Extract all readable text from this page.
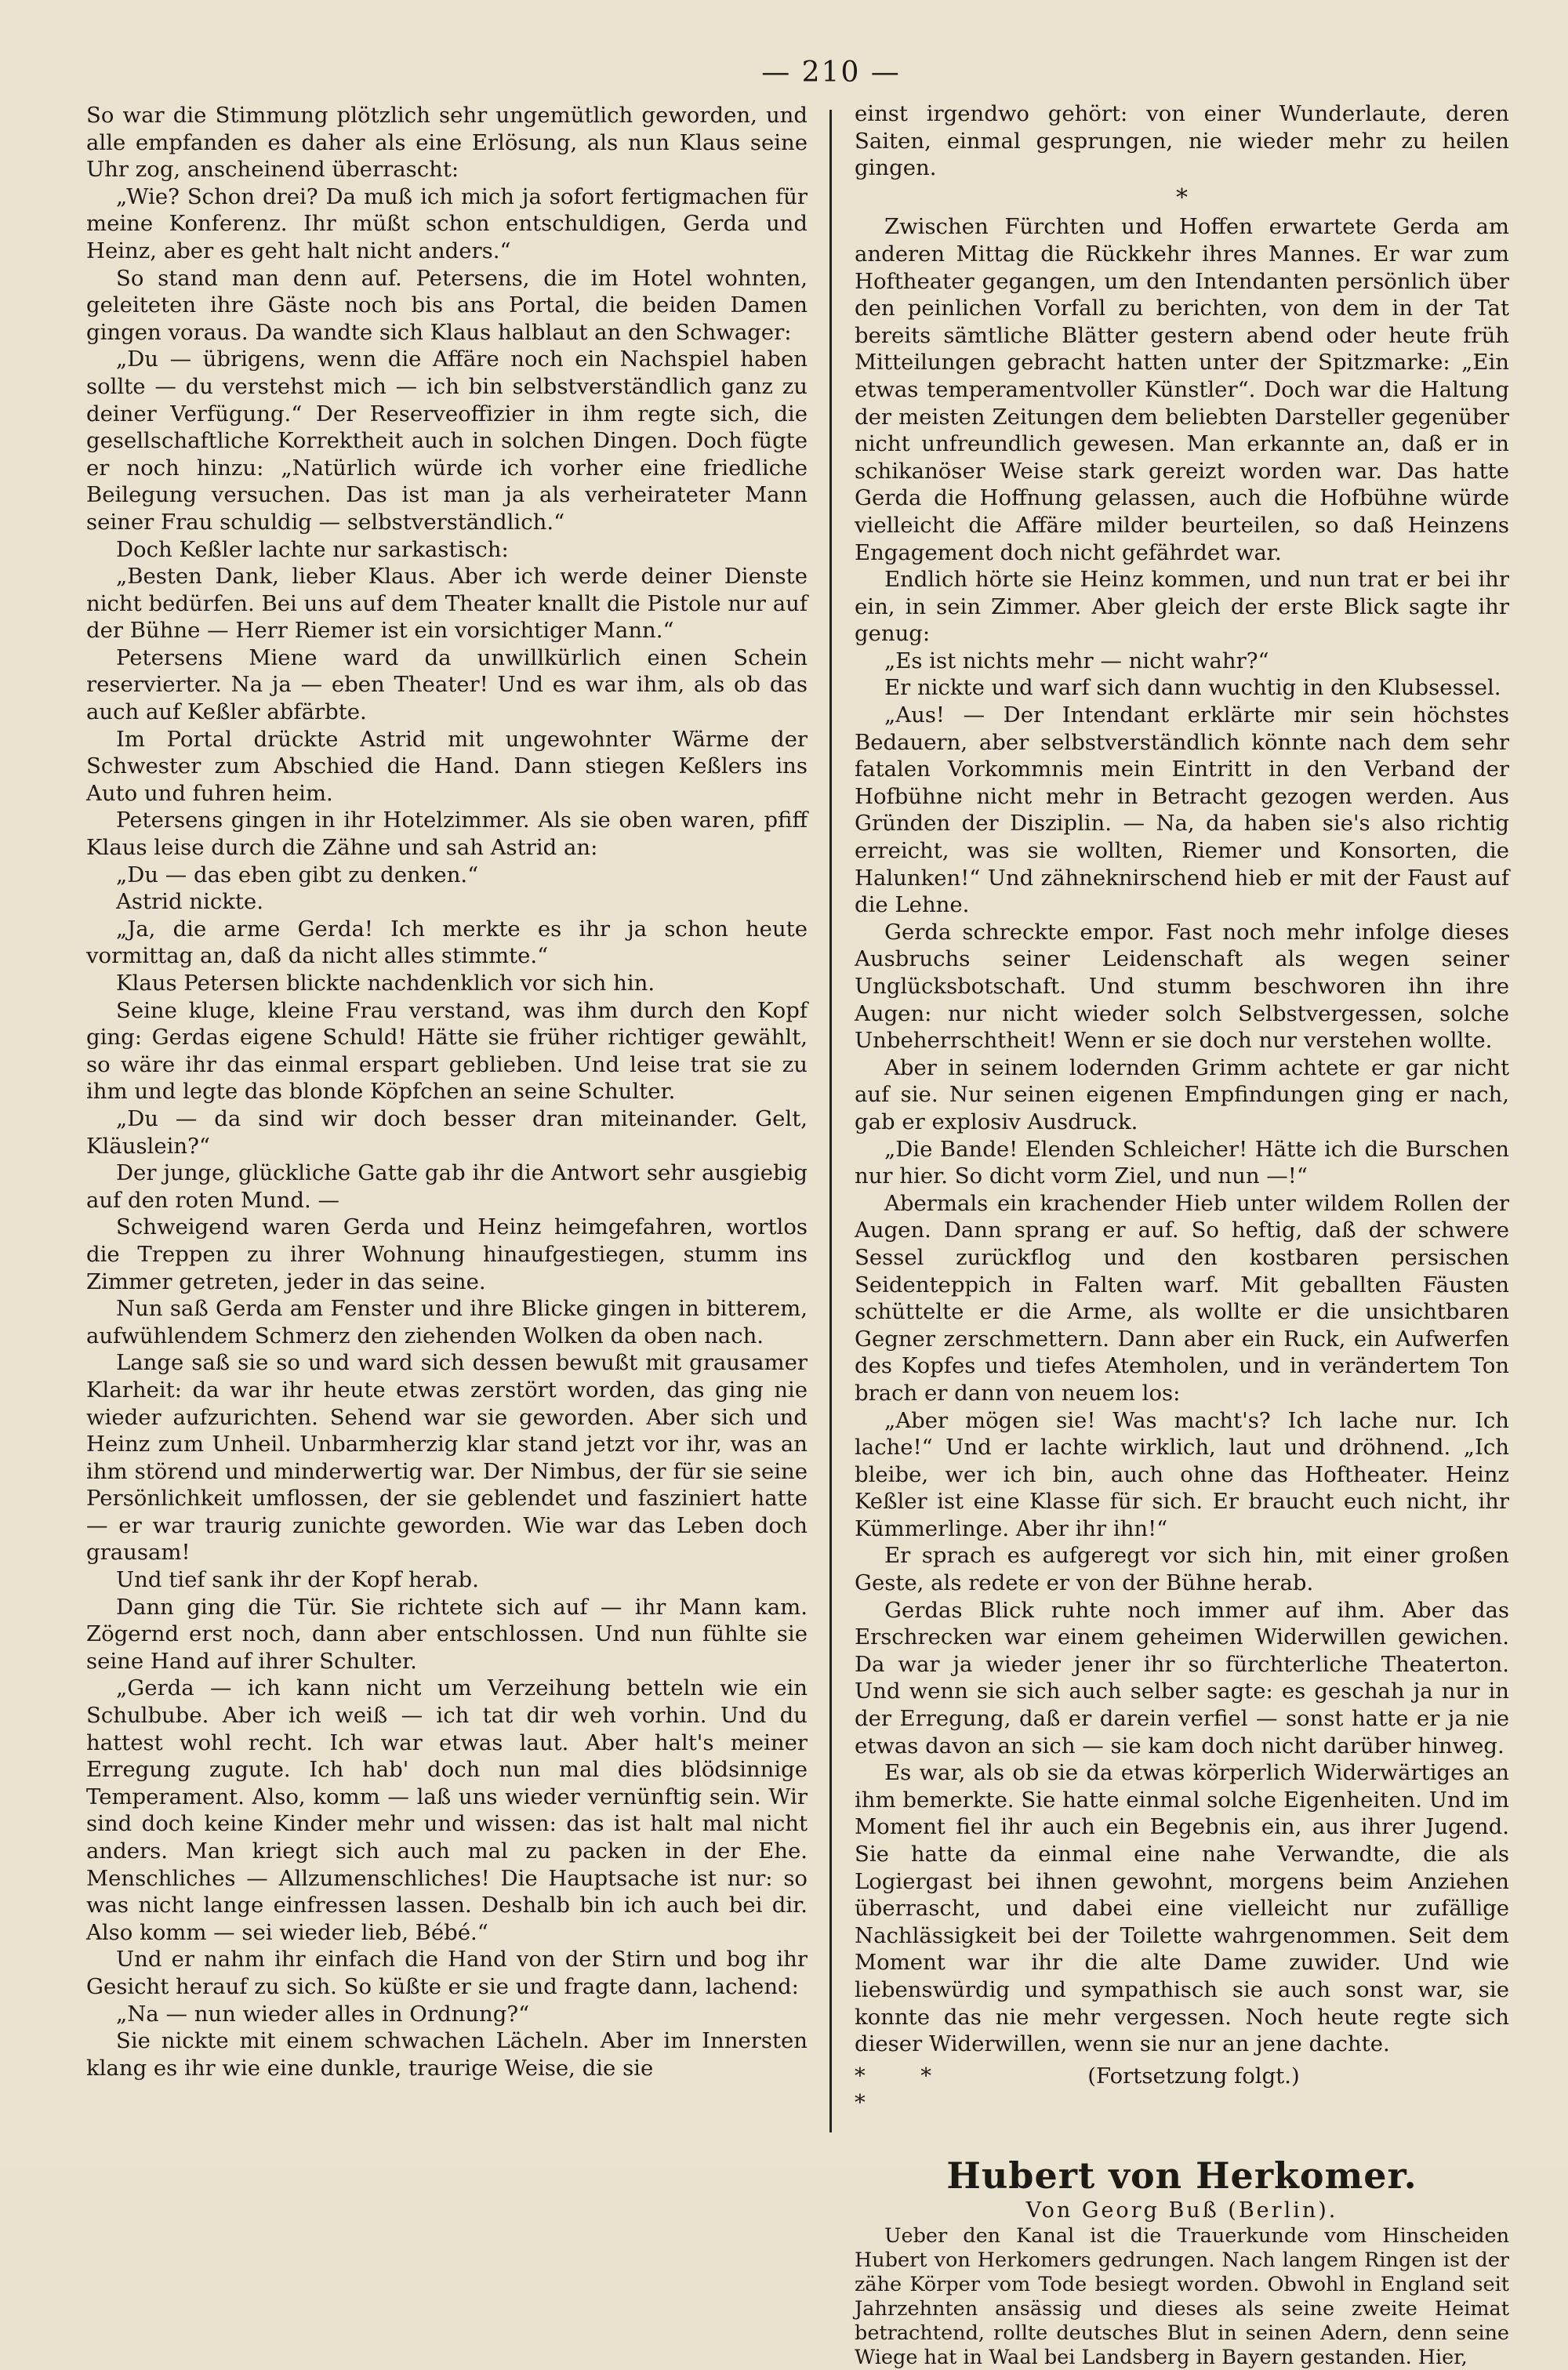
— 210 —

So war die Stimmung plötzlich sehr ungemütlich geworden, und alle empfanden es daher als eine Erlösung, als nun Klaus seine Uhr zog, anscheinend überrascht:

„Wie? Schon drei? Da muß ich mich ja sofort fertigmachen für meine Konferenz. Ihr müßt schon entschuldigen, Gerda und Heinz, aber es geht halt nicht anders.“

So stand man denn auf. Petersens, die im Hotel wohnten, geleiteten ihre Gäste noch bis ans Portal, die beiden Damen gingen voraus. Da wandte sich Klaus halblaut an den Schwager:

„Du — übrigens, wenn die Affäre noch ein Nachspiel haben sollte — du verstehst mich — ich bin selbstverständlich ganz zu deiner Verfügung.“ Der Reserveoffizier in ihm regte sich, die gesellschaftliche Korrektheit auch in solchen Dingen. Doch fügte er noch hinzu: „Natürlich würde ich vorher eine friedliche Beilegung versuchen. Das ist man ja als verheirateter Mann seiner Frau schuldig — selbstverständlich.“

Doch Keßler lachte nur sarkastisch:

„Besten Dank, lieber Klaus. Aber ich werde deiner Dienste nicht bedürfen. Bei uns auf dem Theater knallt die Pistole nur auf der Bühne — Herr Riemer ist ein vorsichtiger Mann.“

Petersens Miene ward da unwillkürlich einen Schein reservierter. Na ja — eben Theater! Und es war ihm, als ob das auch auf Keßler abfärbte.

Im Portal drückte Astrid mit ungewohnter Wärme der Schwester zum Abschied die Hand. Dann stiegen Keßlers ins Auto und fuhren heim.

Petersens gingen in ihr Hotelzimmer. Als sie oben waren, pfiff Klaus leise durch die Zähne und sah Astrid an:

„Du — das eben gibt zu denken.“

Astrid nickte.

„Ja, die arme Gerda! Ich merkte es ihr ja schon heute vormittag an, daß da nicht alles stimmte.“

Klaus Petersen blickte nachdenklich vor sich hin.

Seine kluge, kleine Frau verstand, was ihm durch den Kopf ging: Gerdas eigene Schuld! Hätte sie früher richtiger gewählt, so wäre ihr das einmal erspart geblieben. Und leise trat sie zu ihm und legte das blonde Köpfchen an seine Schulter.

„Du — da sind wir doch besser dran miteinander. Gelt, Kläuslein?“

Der junge, glückliche Gatte gab ihr die Antwort sehr ausgiebig auf den roten Mund. —

Schweigend waren Gerda und Heinz heimgefahren, wortlos die Treppen zu ihrer Wohnung hinaufgestiegen, stumm ins Zimmer getreten, jeder in das seine.

Nun saß Gerda am Fenster und ihre Blicke gingen in bitterem, aufwühlendem Schmerz den ziehenden Wolken da oben nach.

Lange saß sie so und ward sich dessen bewußt mit grausamer Klarheit: da war ihr heute etwas zerstört worden, das ging nie wieder aufzurichten. Sehend war sie geworden. Aber sich und Heinz zum Unheil. Unbarmherzig klar stand jetzt vor ihr, was an ihm störend und minderwertig war. Der Nimbus, der für sie seine Persönlichkeit umflossen, der sie geblendet und fasziniert hatte — er war traurig zunichte geworden. Wie war das Leben doch grausam!

Und tief sank ihr der Kopf herab.

Dann ging die Tür. Sie richtete sich auf — ihr Mann kam. Zögernd erst noch, dann aber entschlossen. Und nun fühlte sie seine Hand auf ihrer Schulter.

„Gerda — ich kann nicht um Verzeihung betteln wie ein Schulbube. Aber ich weiß — ich tat dir weh vorhin. Und du hattest wohl recht. Ich war etwas laut. Aber halt's meiner Erregung zugute. Ich hab' doch nun mal dies blödsinnige Temperament. Also, komm — laß uns wieder vernünftig sein. Wir sind doch keine Kinder mehr und wissen: das ist halt mal nicht anders. Man kriegt sich auch mal zu packen in der Ehe. Menschliches — Allzumenschliches! Die Hauptsache ist nur: so was nicht lange einfressen lassen. Deshalb bin ich auch bei dir. Also komm — sei wieder lieb, Bébé.“

Und er nahm ihr einfach die Hand von der Stirn und bog ihr Gesicht herauf zu sich. So küßte er sie und fragte dann, lachend:

„Na — nun wieder alles in Ordnung?“

Sie nickte mit einem schwachen Lächeln. Aber im Innersten klang es ihr wie eine dunkle, traurige Weise, die sie

einst irgendwo gehört: von einer Wunderlaute, deren Saiten, einmal gesprungen, nie wieder mehr zu heilen gingen.

*

Zwischen Fürchten und Hoffen erwartete Gerda am anderen Mittag die Rückkehr ihres Mannes. Er war zum Hoftheater gegangen, um den Intendanten persönlich über den peinlichen Vorfall zu berichten, von dem in der Tat bereits sämtliche Blätter gestern abend oder heute früh Mitteilungen gebracht hatten unter der Spitzmarke: „Ein etwas temperamentvoller Künstler“. Doch war die Haltung der meisten Zeitungen dem beliebten Darsteller gegenüber nicht unfreundlich gewesen. Man erkannte an, daß er in schikanöser Weise stark gereizt worden war. Das hatte Gerda die Hoffnung gelassen, auch die Hofbühne würde vielleicht die Affäre milder beurteilen, so daß Heinzens Engagement doch nicht gefährdet war.

Endlich hörte sie Heinz kommen, und nun trat er bei ihr ein, in sein Zimmer. Aber gleich der erste Blick sagte ihr genug:

„Es ist nichts mehr — nicht wahr?“

Er nickte und warf sich dann wuchtig in den Klubsessel.

„Aus! — Der Intendant erklärte mir sein höchstes Bedauern, aber selbstverständlich könnte nach dem sehr fatalen Vorkommnis mein Eintritt in den Verband der Hofbühne nicht mehr in Betracht gezogen werden. Aus Gründen der Disziplin. — Na, da haben sie's also richtig erreicht, was sie wollten, Riemer und Konsorten, die Halunken!“ Und zähneknirschend hieb er mit der Faust auf die Lehne.

Gerda schreckte empor. Fast noch mehr infolge dieses Ausbruchs seiner Leidenschaft als wegen seiner Unglücksbotschaft. Und stumm beschworen ihn ihre Augen: nur nicht wieder solch Selbstvergessen, solche Unbeherrschtheit! Wenn er sie doch nur verstehen wollte.

Aber in seinem lodernden Grimm achtete er gar nicht auf sie. Nur seinen eigenen Empfindungen ging er nach, gab er explosiv Ausdruck.

„Die Bande! Elenden Schleicher! Hätte ich die Burschen nur hier. So dicht vorm Ziel, und nun —!“

Abermals ein krachender Hieb unter wildem Rollen der Augen. Dann sprang er auf. So heftig, daß der schwere Sessel zurückflog und den kostbaren persischen Seidenteppich in Falten warf. Mit geballten Fäusten schüttelte er die Arme, als wollte er die unsichtbaren Gegner zerschmettern. Dann aber ein Ruck, ein Aufwerfen des Kopfes und tiefes Atemholen, und in verändertem Ton brach er dann von neuem los:

„Aber mögen sie! Was macht's? Ich lache nur. Ich lache!“ Und er lachte wirklich, laut und dröhnend. „Ich bleibe, wer ich bin, auch ohne das Hoftheater. Heinz Keßler ist eine Klasse für sich. Er braucht euch nicht, ihr Kümmerlinge. Aber ihr ihn!“

Er sprach es aufgeregt vor sich hin, mit einer großen Geste, als redete er von der Bühne herab.

Gerdas Blick ruhte noch immer auf ihm. Aber das Erschrecken war einem geheimen Widerwillen gewichen. Da war ja wieder jener ihr so fürchterliche Theaterton. Und wenn sie sich auch selber sagte: es geschah ja nur in der Erregung, daß er darein verfiel — sonst hatte er ja nie etwas davon an sich — sie kam doch nicht darüber hinweg.

Es war, als ob sie da etwas körperlich Widerwärtiges an ihm bemerkte. Sie hatte einmal solche Eigenheiten. Und im Moment fiel ihr auch ein Begebnis ein, aus ihrer Jugend. Sie hatte da einmal eine nahe Verwandte, die als Logiergast bei ihnen gewohnt, morgens beim Anziehen überrascht, und dabei eine vielleicht nur zufällige Nachlässigkeit bei der Toilette wahrgenommen. Seit dem Moment war ihr die alte Dame zuwider. Und wie liebenswürdig und sympathisch sie auch sonst war, sie konnte das nie mehr vergessen. Noch heute regte sich dieser Widerwillen, wenn sie nur an jene dachte.

* * *
(Fortsetzung folgt.)
Hubert von Herkomer.
Von Georg Buß (Berlin).

Ueber den Kanal ist die Trauerkunde vom Hinscheiden Hubert von Herkomers gedrungen. Nach langem Ringen ist der zähe Körper vom Tode besiegt worden. Obwohl in England seit Jahrzehnten ansässig und dieses als seine zweite Heimat betrachtend, rollte deutsches Blut in seinen Adern, denn seine Wiege hat in Waal bei Landsberg in Bayern gestanden. Hier,
